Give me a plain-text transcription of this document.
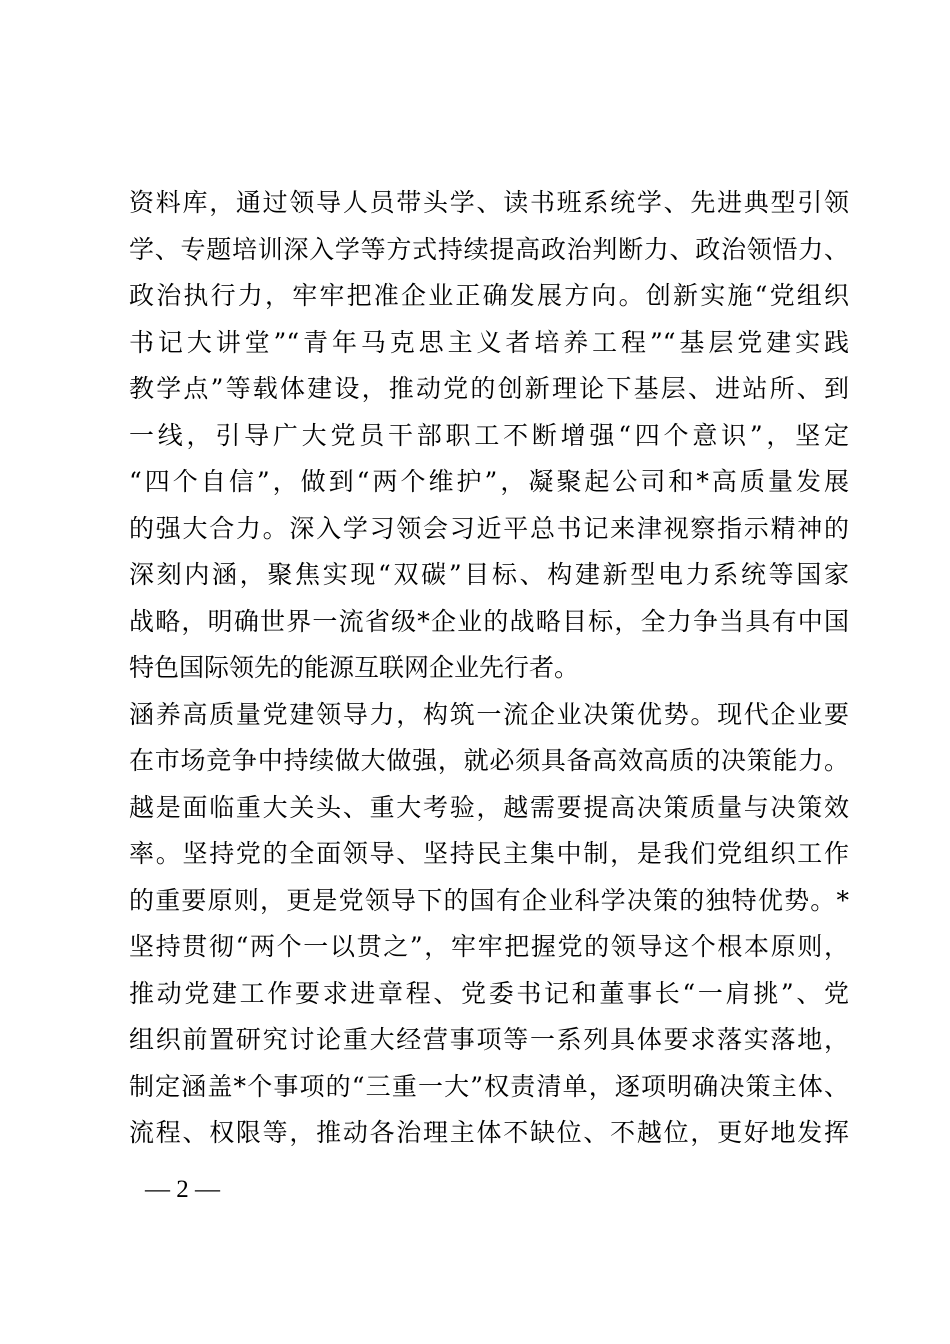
资料库，通过领导人员带头学、读书班系统学、先进典型引领
学、专题培训深入学等方式持续提高政治判断力、政治领悟力、
政治执行力，牢牢把准企业正确发展方向。创新实施“党组织
书记大讲堂”“青年马克思主义者培养工程”“基层党建实践
教学点”等载体建设，推动党的创新理论下基层、进站所、到
一线，引导广大党员干部职工不断增强“四个意识”，坚定
“四个自信”，做到“两个维护”，凝聚起公司和*高质量发展
的强大合力。深入学习领会习近平总书记来津视察指示精神的
深刻内涵，聚焦实现“双碳”目标、构建新型电力系统等国家
战略，明确世界一流省级*企业的战略目标，全力争当具有中国
特色国际领先的能源互联网企业先行者。
涵养高质量党建领导力，构筑一流企业决策优势。现代企业要
在市场竞争中持续做大做强，就必须具备高效高质的决策能力。
越是面临重大关头、重大考验，越需要提高决策质量与决策效
率。坚持党的全面领导、坚持民主集中制，是我们党组织工作
的重要原则，更是党领导下的国有企业科学决策的独特优势。*
坚持贯彻“两个一以贯之”，牢牢把握党的领导这个根本原则，
推动党建工作要求进章程、党委书记和董事长“一肩挑”、党
组织前置研究讨论重大经营事项等一系列具体要求落实落地，
制定涵盖*个事项的“三重一大”权责清单，逐项明确决策主体、
流程、权限等，推动各治理主体不缺位、不越位，更好地发挥
— 2 —
